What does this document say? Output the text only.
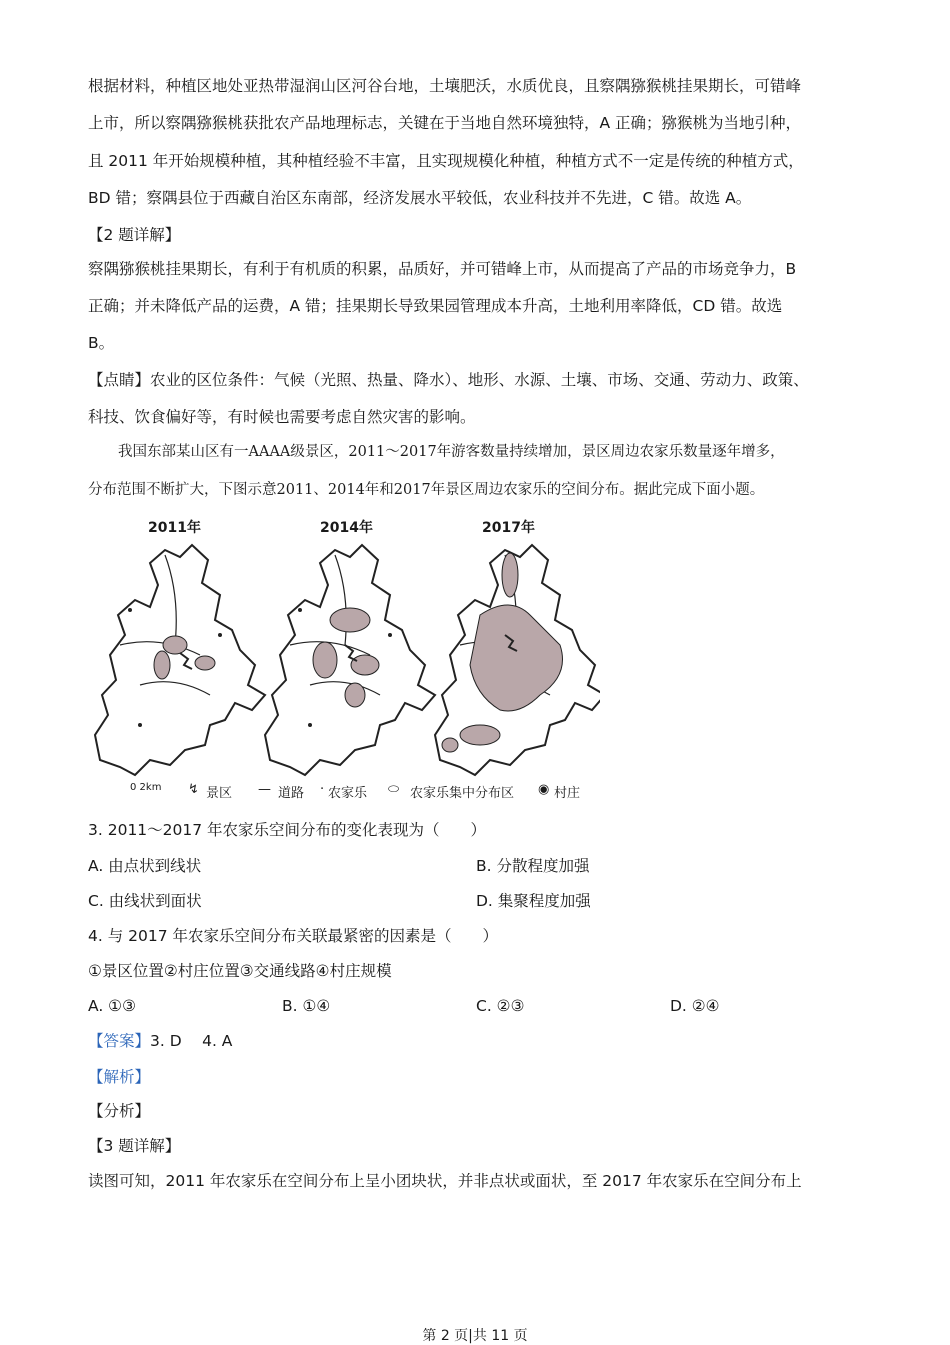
根据材料，种植区地处亚热带湿润山区河谷台地，土壤肥沃，水质优良，且察隅猕猴桃挂果期长，可错峰
上市，所以察隅猕猴桃获批农产品地理标志，关键在于当地自然环境独特，A 正确；猕猴桃为当地引种，
且 2011 年开始规模种植，其种植经验不丰富，且实现规模化种植，种植方式不一定是传统的种植方式，
BD 错；察隅县位于西藏自治区东南部，经济发展水平较低，农业科技并不先进，C 错。故选 A。
【2 题详解】
察隅猕猴桃挂果期长，有利于有机质的积累，品质好，并可错峰上市，从而提高了产品的市场竞争力，B
正确；并未降低产品的运费，A 错；挂果期长导致果园管理成本升高，土地利用率降低，CD 错。故选
B。
【点睛】农业的区位条件：气候（光照、热量、降水）、地形、水源、土壤、市场、交通、劳动力、政策、
科技、饮食偏好等，有时候也需要考虑自然灾害的影响。
我国东部某山区有一AAAA级景区，2011～2017年游客数量持续增加，景区周边农家乐数量逐年增多，
分布范围不断扩大，下图示意2011、2014年和2017年景区周边农家乐的空间分布。据此完成下面小题。
2011年	2014年	2017年
0 2km ↯ 景区 — 道路 · 农家乐 ⬭ 农家乐集中分布区 ◉ 村庄
3. 2011～2017 年农家乐空间分布的变化表现为（　　）
A. 由点状到线状	B. 分散程度加强
C. 由线状到面状	D. 集聚程度加强
4. 与 2017 年农家乐空间分布关联最紧密的因素是（　　）
①景区位置②村庄位置③交通线路④村庄规模
A. ①③	B. ①④	C. ②③	D. ②④
【答案】3. D　 4. A
【解析】
【分析】
【3 题详解】
读图可知，2011 年农家乐在空间分布上呈小团块状，并非点状或面状，至 2017 年农家乐在空间分布上
第 2 页|共 11 页
